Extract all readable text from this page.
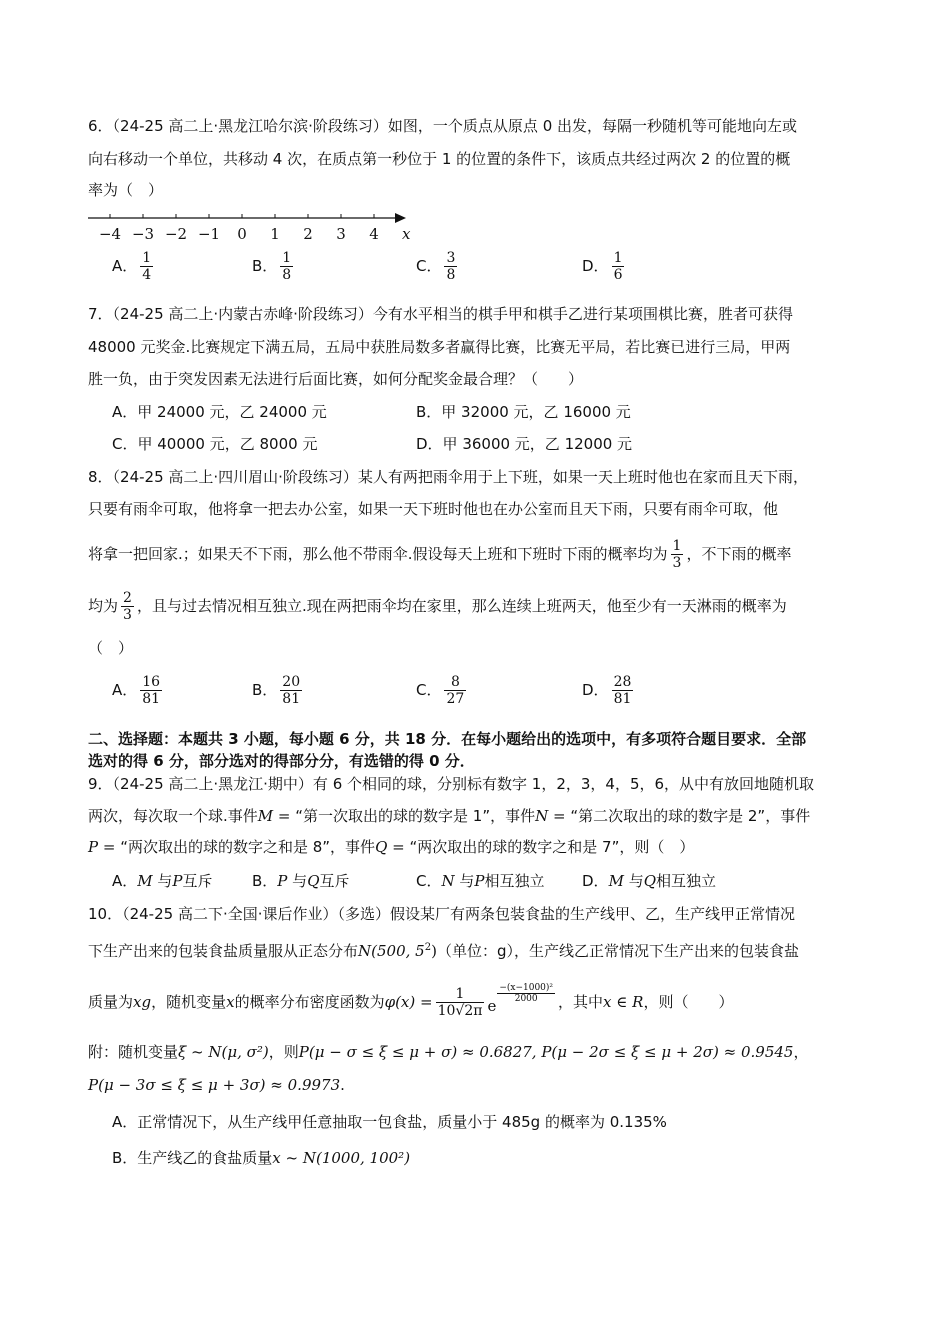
6．（24-25 高二上·黑龙江哈尔滨·阶段练习）如图，一个质点从原点 0 出发，每隔一秒随机等可能地向左或
向右移动一个单位，共移动 4 次，在质点第一秒位于 1 的位置的条件下，该质点共经过两次 2 的位置的概
率为（　）
−4 −3 −2 −1 0 1 2 3 4 x
A． $\frac{1}{4}$	B． $\frac{1}{8}$	C． $\frac{3}{8}$	D． $\frac{1}{6}$
7．（24-25 高二上·内蒙古赤峰·阶段练习）今有水平相当的棋手甲和棋手乙进行某项围棋比赛，胜者可获得
48000 元奖金.比赛规定下满五局，五局中获胜局数多者赢得比赛，比赛无平局，若比赛已进行三局，甲两
胜一负，由于突发因素无法进行后面比赛，如何分配奖金最合理？（　　）
A．甲 24000 元，乙 24000 元	B．甲 32000 元，乙 16000 元
C．甲 40000 元，乙 8000 元	D．甲 36000 元，乙 12000 元
8．（24-25 高二上·四川眉山·阶段练习）某人有两把雨伞用于上下班，如果一天上班时他也在家而且天下雨，
只要有雨伞可取，他将拿一把去办公室，如果一天下班时他也在办公室而且天下雨，只要有雨伞可取，他
将拿一把回家.；如果天不下雨，那么他不带雨伞.假设每天上班和下班时下雨的概率均为 $\frac{1}{3}$ ，不下雨的概率
均为 $\frac{2}{3}$ ，且与过去情况相互独立.现在两把雨伞均在家里，那么连续上班两天，他至少有一天淋雨的概率为
（　）
A． $\frac{16}{81}$	B． $\frac{20}{81}$	C． $\frac{8}{27}$	D． $\frac{28}{81}$
二、选择题：本题共 3 小题，每小题 6 分，共 18 分．在每小题给出的选项中，有多项符合题目要求．全部
选对的得 6 分，部分选对的得部分分，有选错的得 0 分．
9．（24-25 高二上·黑龙江·期中）有 6 个相同的球，分别标有数字 1，2，3，4，5，6，从中有放回地随机取
两次，每次取一个球.事件M = “第一次取出的球的数字是 1”，事件N = “第二次取出的球的数字是 2”，事件
P = “两次取出的球的数字之和是 8”，事件Q = “两次取出的球的数字之和是 7”，则（　）
A．M 与P互斥	B．P 与Q互斥	C．N 与P相互独立 D．M 与Q相互独立
10．（24-25 高二下·全国·课后作业）（多选）假设某厂有两条包装食盐的生产线甲、乙，生产线甲正常情况
下生产出来的包装食盐质量服从正态分布N(500, $5^2$)（单位：g），生产线乙正常情况下生产出来的包装食盐
质量为xg，随机变量x的概率分布密度函数为$\varphi(x) = \frac{1}{10√2\pi}$ e
$\frac{\text{−(x−1000)²}}{2000}$ ，其中x ∈ R，则（　　）
附：随机变量ξ ~ N(μ, σ²)，则P(μ − σ ≤ ξ ≤ μ + σ) ≈ 0.6827, P(μ − 2σ ≤ ξ ≤ μ + 2σ) ≈ 0.9545，
P(μ − 3σ ≤ ξ ≤ μ + 3σ) ≈ 0.9973.
A．正常情况下，从生产线甲任意抽取一包食盐，质量小于 485g 的概率为 0.135%
B．生产线乙的食盐质量x ~ N(1000, 100²)
